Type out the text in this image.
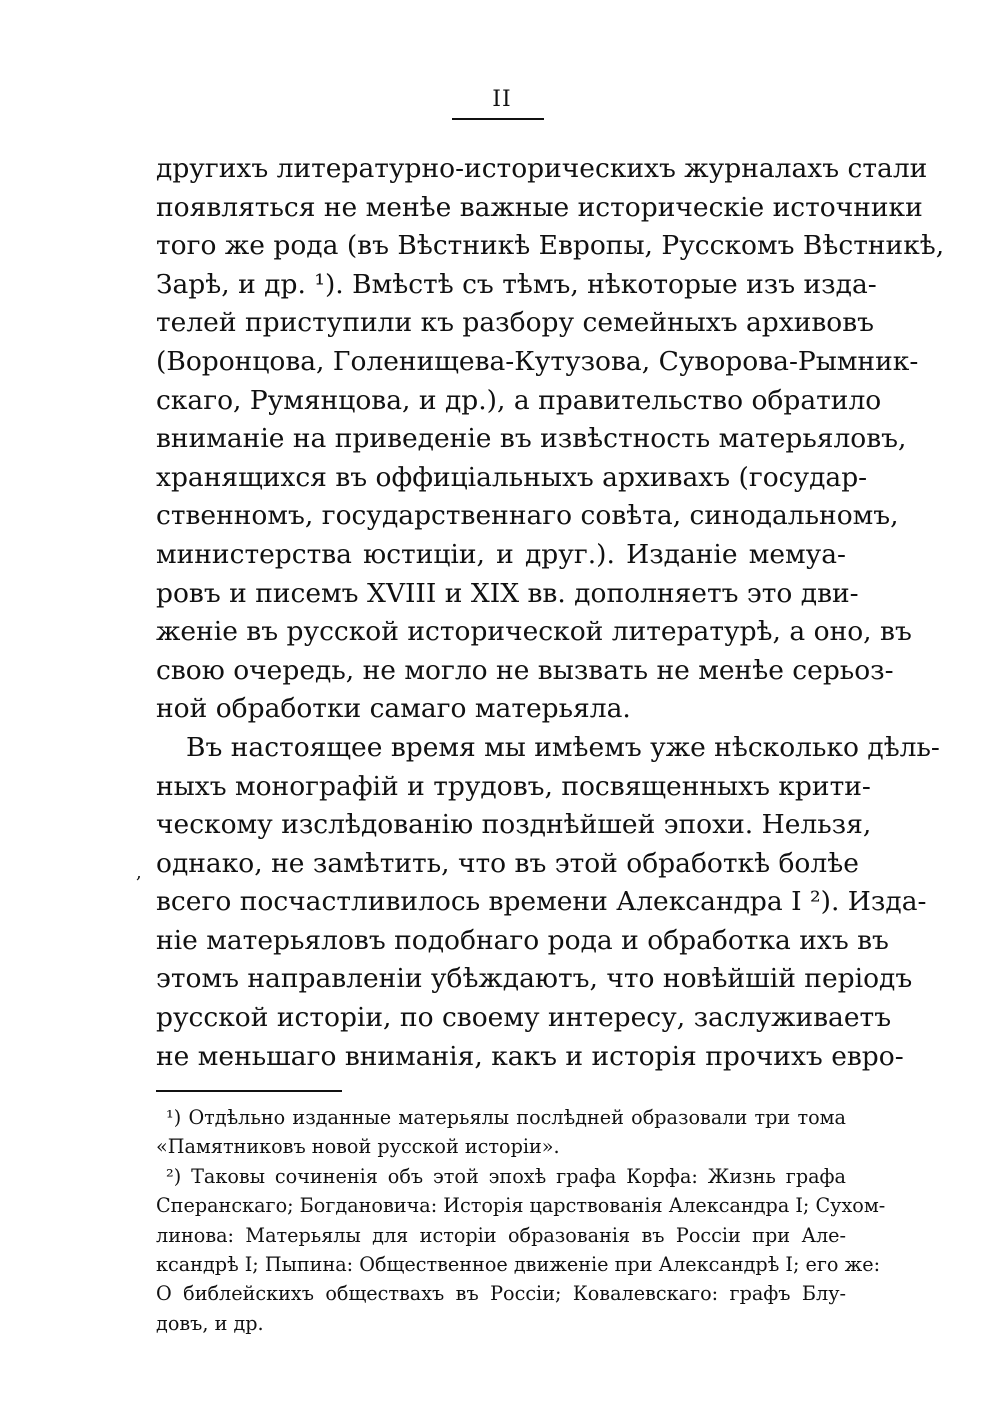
II
другихъ литературно-историческихъ журналахъ стали
появляться не менѣе важные историческіе источники
того же рода (въ Вѣстникѣ Европы, Русскомъ Вѣстникѣ,
Зарѣ, и др. ¹). Вмѣстѣ съ тѣмъ, нѣкоторые изъ изда-
телей приступили къ разбору семейныхъ архивовъ
(Воронцова, Голенищева-Кутузова, Суворова-Рымник-
скаго, Румянцова, и др.), а правительство обратило
вниманіе на приведеніе въ извѣстность матерьяловъ,
хранящихся въ оффиціальныхъ архивахъ (государ-
ственномъ, государственнаго совѣта, синодальномъ,
министерства юстиціи, и друг.). Изданіе мемуа-
ровъ и писемъ XVIII и XIX вв. дополняетъ это дви-
женіе въ русской исторической литературѣ, а оно, въ
свою очередь, не могло не вызвать не менѣе серьоз-
ной обработки самаго матерьяла.
Въ настоящее время мы имѣемъ уже нѣсколько дѣль-
ныхъ монографій и трудовъ, посвященныхъ крити-
ческому изслѣдованію позднѣйшей эпохи. Нельзя,
однако, не замѣтить, что въ этой обработкѣ болѣе
всего посчастливилось времени Александра I ²). Изда-
ніе матерьяловъ подобнаго рода и обработка ихъ въ
этомъ направленіи убѣждаютъ, что новѣйшій періодъ
русской исторіи, по своему интересу, заслуживаетъ
не меньшаго вниманія, какъ и исторія прочихъ евро-
,
¹) Отдѣльно изданные матерьялы послѣдней образовали три тома
«Памятниковъ новой русской исторіи».
²) Таковы сочиненія объ этой эпохѣ графа Корфа: Жизнь графа
Сперанскаго; Богдановича: Исторія царствованія Александра I; Сухом-
линова: Матерьялы для исторіи образованія въ Россіи при Але-
ксандрѣ I; Пыпина: Общественное движеніе при Александрѣ I; его же:
О библейскихъ обществахъ въ Россіи; Ковалевскаго: графъ Блу-
довъ, и др.
